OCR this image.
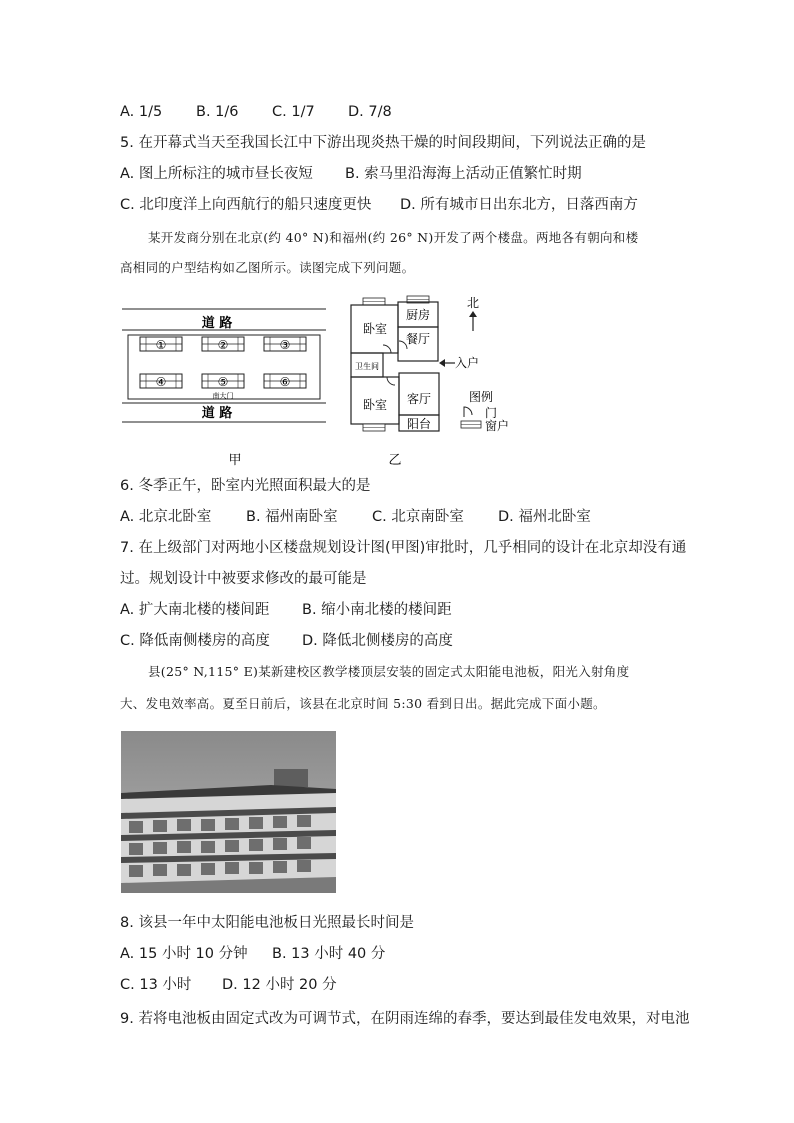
A. 1/5 B. 1/6 C. 1/7 D. 7/8
5. 在开幕式当天至我国长江中下游出现炎热干燥的时间段期间，下列说法正确的是
A. 图上所标注的城市昼长夜短 B. 索马里沿海海上活动正值繁忙时期
C. 北印度洋上向西航行的船只速度更快 D. 所有城市日出东北方，日落西南方
某开发商分别在北京(约 40° N)和福州(约 26° N)开发了两个楼盘。两地各有朝向和楼
高相同的户型结构如乙图所示。读图完成下列问题。
道 路
①	②	③
④	⑤	⑥
南大门
道 路
甲
卧室
厨房
餐厅
卫生间
卧室 客厅
阳台
北
入户
图例
门
窗户
乙
6. 冬季正午，卧室内光照面积最大的是
A. 北京北卧室 B. 福州南卧室 C. 北京南卧室 D. 福州北卧室
7. 在上级部门对两地小区楼盘规划设计图(甲图)审批时，几乎相同的设计在北京却没有通
过。规划设计中被要求修改的最可能是
A. 扩大南北楼的楼间距 B. 缩小南北楼的楼间距
C. 降低南侧楼房的高度 D. 降低北侧楼房的高度
县(25° N,115° E)某新建校区教学楼顶层安装的固定式太阳能电池板，阳光入射角度
大、发电效率高。夏至日前后，该县在北京时间 5:30 看到日出。据此完成下面小题。
8. 该县一年中太阳能电池板日光照最长时间是
A. 15 小时 10 分钟 B. 13 小时 40 分
C. 13 小时 D. 12 小时 20 分
9. 若将电池板由固定式改为可调节式，在阴雨连绵的春季，要达到最佳发电效果，对电池
